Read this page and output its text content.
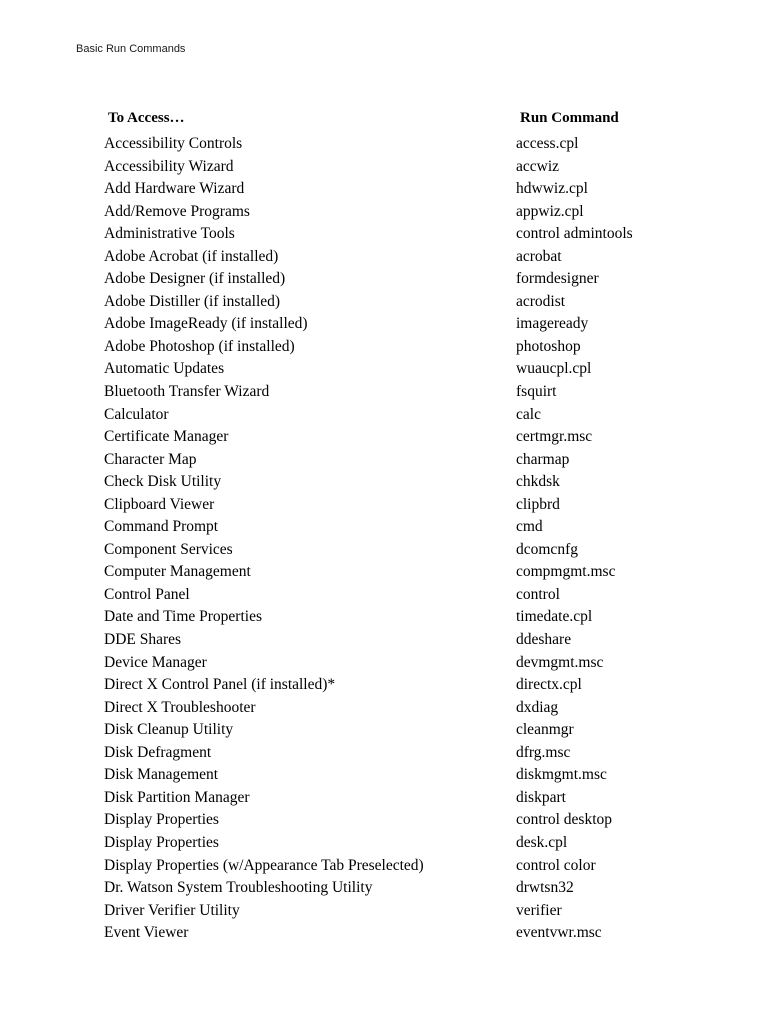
Basic Run Commands
To Access…	Run Command
Accessibility Controls	access.cpl
Accessibility Wizard	accwiz
Add Hardware Wizard	hdwwiz.cpl
Add/Remove Programs	appwiz.cpl
Administrative Tools	control admintools
Adobe Acrobat (if installed)	acrobat
Adobe Designer (if installed)	formdesigner
Adobe Distiller (if installed)	acrodist
Adobe ImageReady (if installed)	imageready
Adobe Photoshop (if installed)	photoshop
Automatic Updates	wuaucpl.cpl
Bluetooth Transfer Wizard	fsquirt
Calculator	calc
Certificate Manager	certmgr.msc
Character Map	charmap
Check Disk Utility	chkdsk
Clipboard Viewer	clipbrd
Command Prompt	cmd
Component Services	dcomcnfg
Computer Management	compmgmt.msc
Control Panel	control
Date and Time Properties	timedate.cpl
DDE Shares	ddeshare
Device Manager	devmgmt.msc
Direct X Control Panel (if installed)*	directx.cpl
Direct X Troubleshooter	dxdiag
Disk Cleanup Utility	cleanmgr
Disk Defragment	dfrg.msc
Disk Management	diskmgmt.msc
Disk Partition Manager	diskpart
Display Properties	control desktop
Display Properties	desk.cpl
Display Properties (w/Appearance Tab Preselected)	control color
Dr. Watson System Troubleshooting Utility	drwtsn32
Driver Verifier Utility	verifier
Event Viewer	eventvwr.msc
